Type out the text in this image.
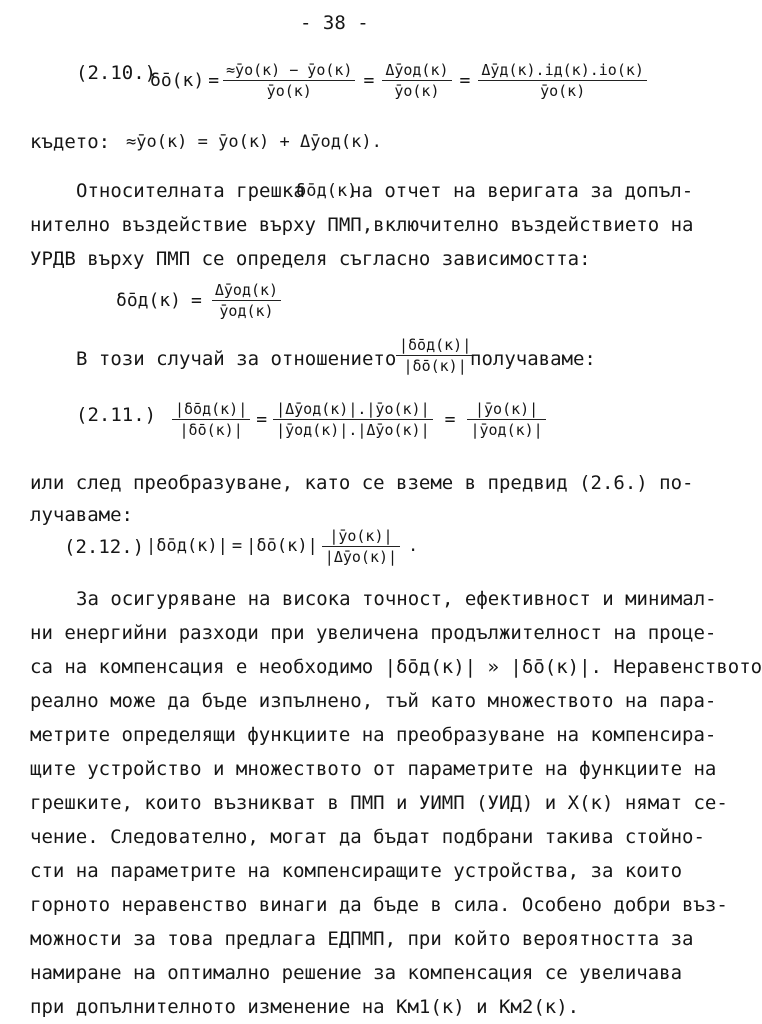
- 38 -
(2.10.)
δ̄o(к) = $\frac{\approx ȳo(к) - ȳo(к)}{ȳo(к)} = \frac{\text{Δȳод(к)}}{ȳo(к)} = \frac{\text{Δȳд(к).iд(к).io(к)}}{ȳo(к)}$
където: ≈ȳo(к) = ȳo(к) + Δȳод(к).
Относителната грешка
δ̄од(к)
на отчет на веригата за допъл-
нително въздействие върху ПМП,включително въздействието на
УРДВ върху ПМП се определя съгласно зависимостта:
δ̄од(к) = $\frac{\text{Δȳод(к)}}{\text{ȳод(к)}}$
В този случай за отношението $\frac{|\deltāод(к)|}{|\deltāo(к)|}$
получаваме:
$(2.11.) \frac{|\deltāод(к)|}{|\deltāo(к)|} = \frac{\text{|Δȳод(к)|.|ȳo(к)|}}{\text{|ȳод(к)|.|Δȳo(к)|}} = \frac{|ȳo(к)|}{\text{|ȳод(к)|}}$
или след преобразуване, като се вземе в предвид (2.6.) по-
лучаваме:
(2.12.) |δ̄од(к)| = |δ̄o(к)| $\frac{|ȳo(к)|}{\text{|Δȳo(к)|}}$ .
За осигуряване на висока точност, ефективност и минимал-
ни енергийни разходи при увеличена продължителност на проце-
са на компенсация е необходимо |δ̄од(к)| » |δ̄o(к)|. Неравенството
реално може да бъде изпълнено, тъй като множеството на пара-
метрите определящи функциите на преобразуване на компенсира-
щите устройство и множеството от параметрите на функциите на
грешките, които възникват в ПМП и УИМП (УИД) и X(к) нямат се-
чение. Следователно, могат да бъдат подбрани такива стойно-
сти на параметрите на компенсиращите устройства, за които
горното неравенство винаги да бъде в сила. Особено добри въз-
можности за това предлага ЕДПМП, при който вероятността за
намиране на оптимално решение за компенсация се увеличава
при допълнителното изменение на Kм1(к) и Kм2(к).
